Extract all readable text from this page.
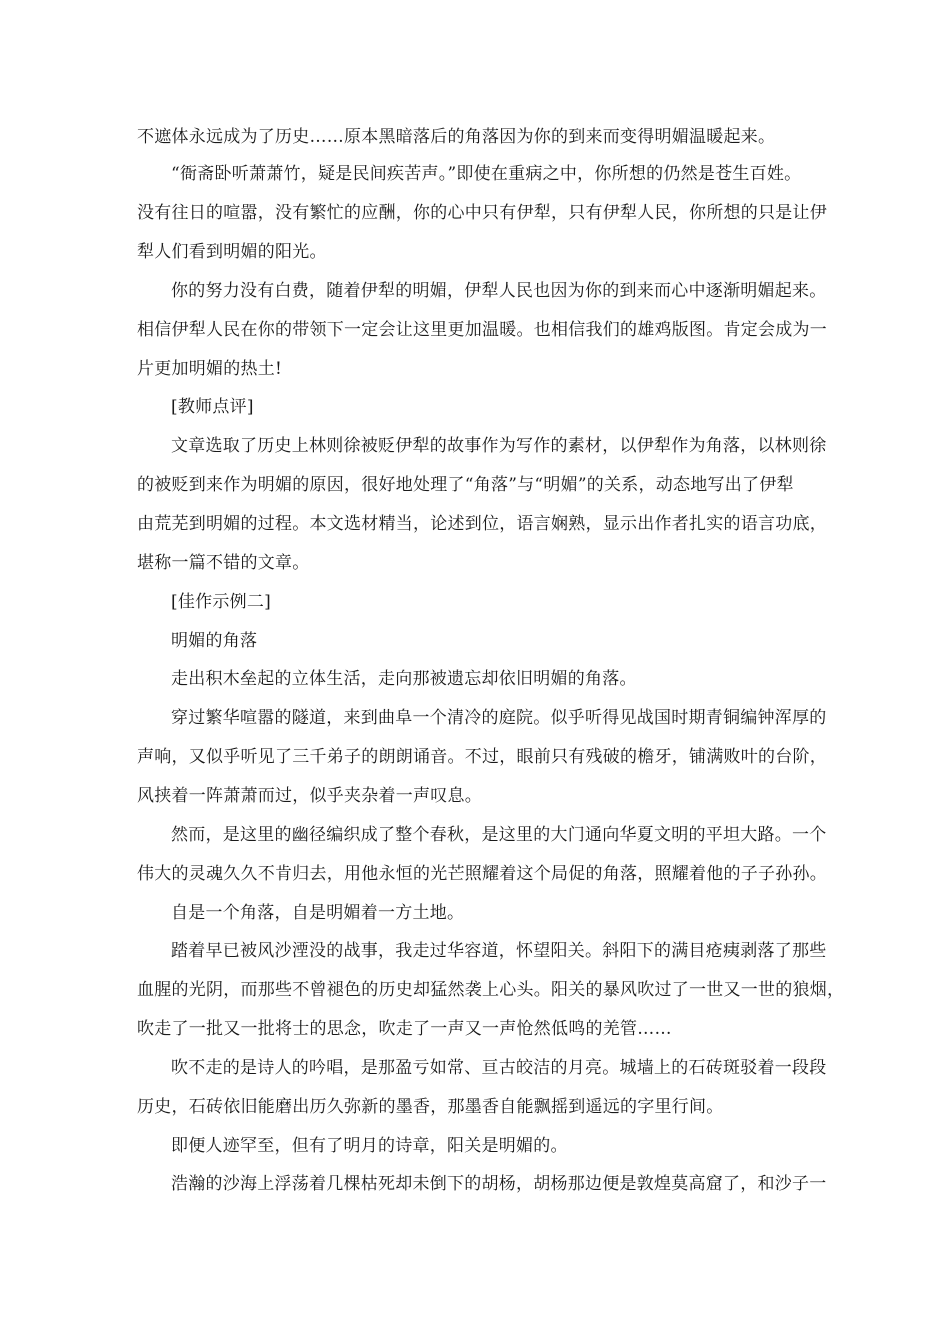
不遮体永远成为了历史……原本黑暗落后的角落因为你的到来而变得明媚温暖起来。
“衙斋卧听萧萧竹，疑是民间疾苦声。”即使在重病之中，你所想的仍然是苍生百姓。
没有往日的喧嚣，没有繁忙的应酬，你的心中只有伊犁，只有伊犁人民，你所想的只是让伊
犁人们看到明媚的阳光。
你的努力没有白费，随着伊犁的明媚，伊犁人民也因为你的到来而心中逐渐明媚起来。
相信伊犁人民在你的带领下一定会让这里更加温暖。也相信我们的雄鸡版图。肯定会成为一
片更加明媚的热土!
[教师点评]
文章选取了历史上林则徐被贬伊犁的故事作为写作的素材，以伊犁作为角落，以林则徐
的被贬到来作为明媚的原因，很好地处理了“角落”与“明媚”的关系，动态地写出了伊犁
由荒芜到明媚的过程。本文选材精当，论述到位，语言娴熟，显示出作者扎实的语言功底，
堪称一篇不错的文章。
[佳作示例二]
明媚的角落
走出积木垒起的立体生活，走向那被遗忘却依旧明媚的角落。
穿过繁华喧嚣的隧道，来到曲阜一个清冷的庭院。似乎听得见战国时期青铜编钟浑厚的
声响，又似乎听见了三千弟子的朗朗诵音。不过，眼前只有残破的檐牙，铺满败叶的台阶，
风挟着一阵萧萧而过，似乎夹杂着一声叹息。
然而，是这里的幽径编织成了整个春秋，是这里的大门通向华夏文明的平坦大路。一个
伟大的灵魂久久不肯归去，用他永恒的光芒照耀着这个局促的角落，照耀着他的子子孙孙。
自是一个角落，自是明媚着一方土地。
踏着早已被风沙湮没的战事，我走过华容道，怀望阳关。斜阳下的满目疮痍剥落了那些
血腥的光阴，而那些不曾褪色的历史却猛然袭上心头。阳关的暴风吹过了一世又一世的狼烟，
吹走了一批又一批将士的思念，吹走了一声又一声怆然低鸣的羌管……
吹不走的是诗人的吟唱，是那盈亏如常、亘古皎洁的月亮。城墙上的石砖斑驳着一段段
历史，石砖依旧能磨出历久弥新的墨香，那墨香自能飘摇到遥远的字里行间。
即便人迹罕至，但有了明月的诗章，阳关是明媚的。
浩瀚的沙海上浮荡着几棵枯死却未倒下的胡杨，胡杨那边便是敦煌莫高窟了，和沙子一
